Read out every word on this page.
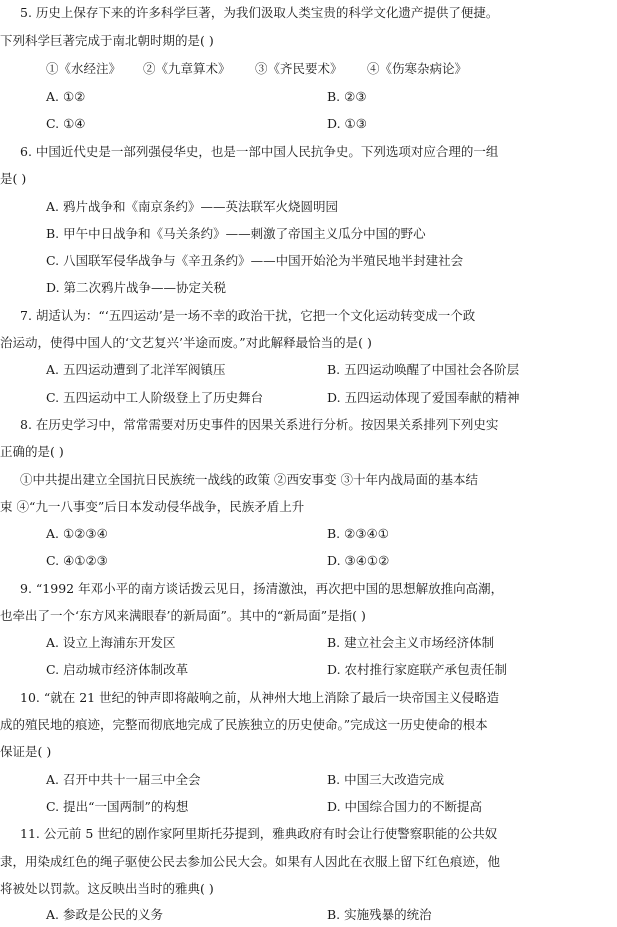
5. 历史上保存下来的许多科学巨著，为我们汲取人类宝贵的科学文化遗产提供了便捷。
下列科学巨著完成于南北朝时期的是( )
①《水经注》 ②《九章算术》 ③《齐民要术》 ④《伤寒杂病论》
A. ①②	B. ②③
C. ①④	D. ①③
6. 中国近代史是一部列强侵华史，也是一部中国人民抗争史。下列选项对应合理的一组
是( )
A. 鸦片战争和《南京条约》——英法联军火烧圆明园
B. 甲午中日战争和《马关条约》——刺激了帝国主义瓜分中国的野心
C. 八国联军侵华战争与《辛丑条约》——中国开始沦为半殖民地半封建社会
D. 第二次鸦片战争——协定关税
7. 胡适认为：“‘五四运动’是一场不幸的政治干扰，它把一个文化运动转变成一个政
治运动，使得中国人的‘文艺复兴’半途而废。”对此解释最恰当的是( )
A. 五四运动遭到了北洋军阀镇压	B. 五四运动唤醒了中国社会各阶层
C. 五四运动中工人阶级登上了历史舞台	D. 五四运动体现了爱国奉献的精神
8. 在历史学习中，常常需要对历史事件的因果关系进行分析。按因果关系排列下列史实
正确的是( )
①中共提出建立全国抗日民族统一战线的政策 ②西安事变 ③十年内战局面的基本结
束 ④“九一八事变”后日本发动侵华战争，民族矛盾上升
A. ①②③④	B. ②③④①
C. ④①②③	D. ③④①②
9. “1992 年邓小平的南方谈话拨云见日，扬清激浊，再次把中国的思想解放推向高潮，
也牵出了一个‘东方风来满眼春’的新局面”。其中的“新局面”是指( )
A. 设立上海浦东开发区	B. 建立社会主义市场经济体制
C. 启动城市经济体制改革	D. 农村推行家庭联产承包责任制
10. “就在 21 世纪的钟声即将敲响之前，从神州大地上消除了最后一块帝国主义侵略造
成的殖民地的痕迹，完整而彻底地完成了民族独立的历史使命。”完成这一历史使命的根本
保证是( )
A. 召开中共十一届三中全会	B. 中国三大改造完成
C. 提出“一国两制”的构想	D. 中国综合国力的不断提高
11. 公元前 5 世纪的剧作家阿里斯托芬提到，雅典政府有时会让行使警察职能的公共奴
隶，用染成红色的绳子驱使公民去参加公民大会。如果有人因此在衣服上留下红色痕迹，他
将被处以罚款。这反映出当时的雅典( )
A. 参政是公民的义务	B. 实施残暴的统治
